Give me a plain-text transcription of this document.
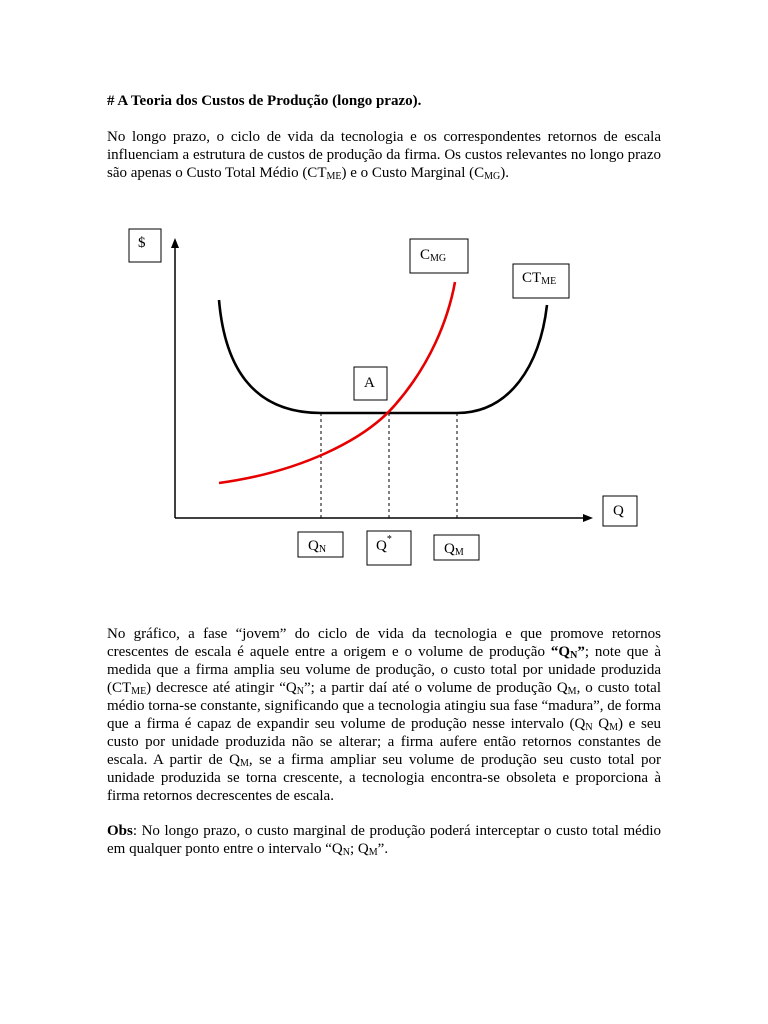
# A Teoria dos Custos de Produção (longo prazo).
No longo prazo, o ciclo de vida da tecnologia e os correspondentes retornos de escala influenciam a estrutura de custos de produção da firma. Os custos relevantes no longo prazo são apenas o Custo Total Médio $(CT_{ME})$ e o Custo Marginal $(C_{MG})$.
$
CMG
CTME
A
Q
QN	Q*
QM
No gráfico, a fase “jovem” do ciclo de vida da tecnologia e que promove retornos crescentes de escala é aquele entre a origem e o volume de produção “$Q_N$”; note que à medida que a firma amplia seu volume de produção, o custo total por unidade produzida $(CT_{ME})$ decresce até atingir “$Q_N$”; a partir daí até o volume de produção $Q_M$, o custo total médio torna-se constante, significando que a tecnologia atingiu sua fase “madura”, de forma que a firma é capaz de expandir seu volume de produção nesse intervalo ($Q_N$ $Q_M$) e seu custo por unidade produzida não se alterar; a firma aufere então retornos constantes de escala. A partir de $Q_M$, se a firma ampliar seu volume de produção seu custo total por unidade produzida se torna crescente, a tecnologia encontra-se obsoleta e proporciona à firma retornos decrescentes de escala.
Obs: No longo prazo, o custo marginal de produção poderá interceptar o custo total médio em qualquer ponto entre o intervalo “$Q_N$; $Q_M$”.
